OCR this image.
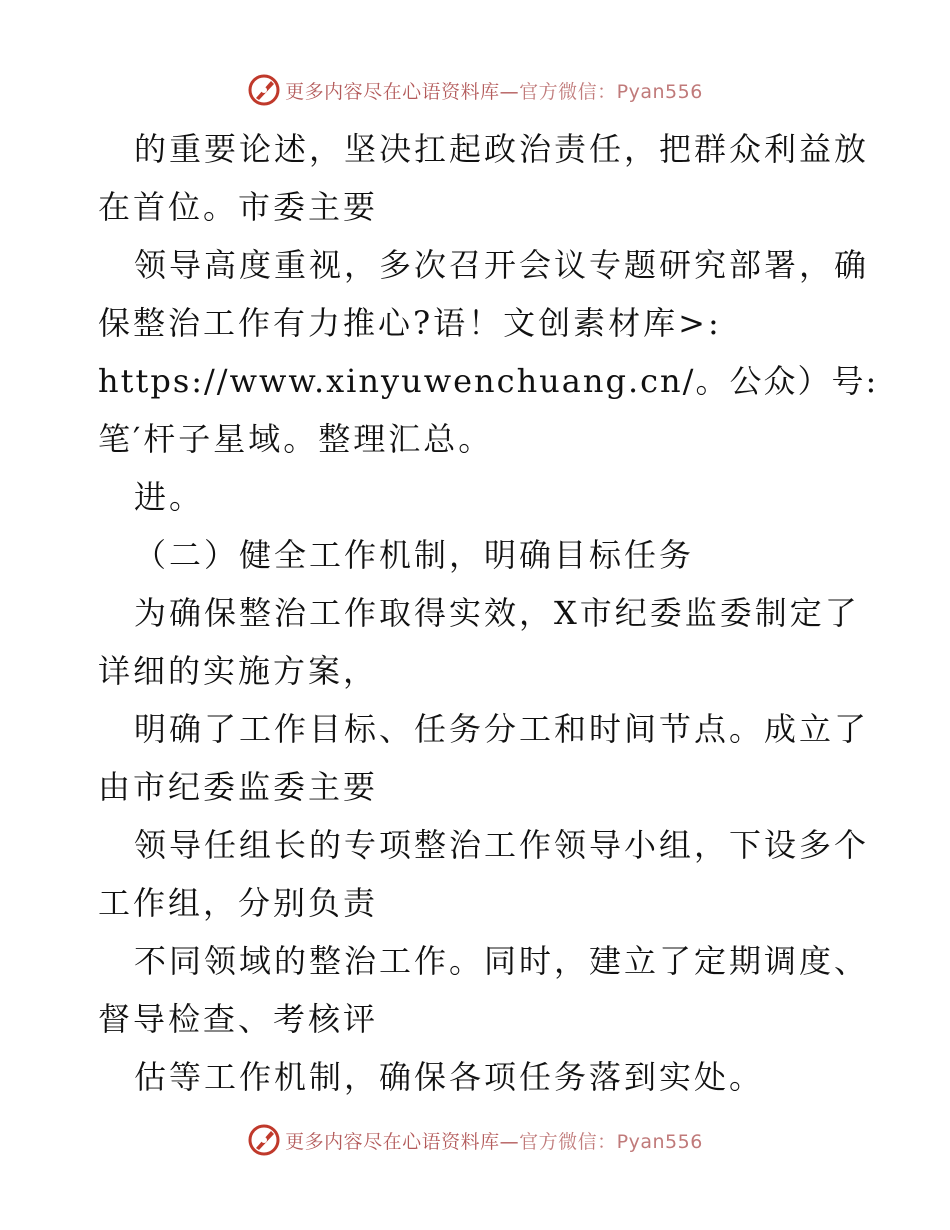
更多内容尽在心语资料库—官方微信：Pyan556
的重要论述，坚决扛起政治责任，把群众利益放
在首位。市委主要
领导高度重视，多次召开会议专题研究部署，确
保整治工作有力推心?语！文创素材库>:
https://www.xinyuwenchuang.cn/。公众）号:
笔′杆子星域。整理汇总。
进。
（二）健全工作机制，明确目标任务
为确保整治工作取得实效，X市纪委监委制定了
详细的实施方案，
明确了工作目标、任务分工和时间节点。成立了
由市纪委监委主要
领导任组长的专项整治工作领导小组，下设多个
工作组，分别负责
不同领域的整治工作。同时，建立了定期调度、
督导检查、考核评
估等工作机制，确保各项任务落到实处。
更多内容尽在心语资料库—官方微信：Pyan556
